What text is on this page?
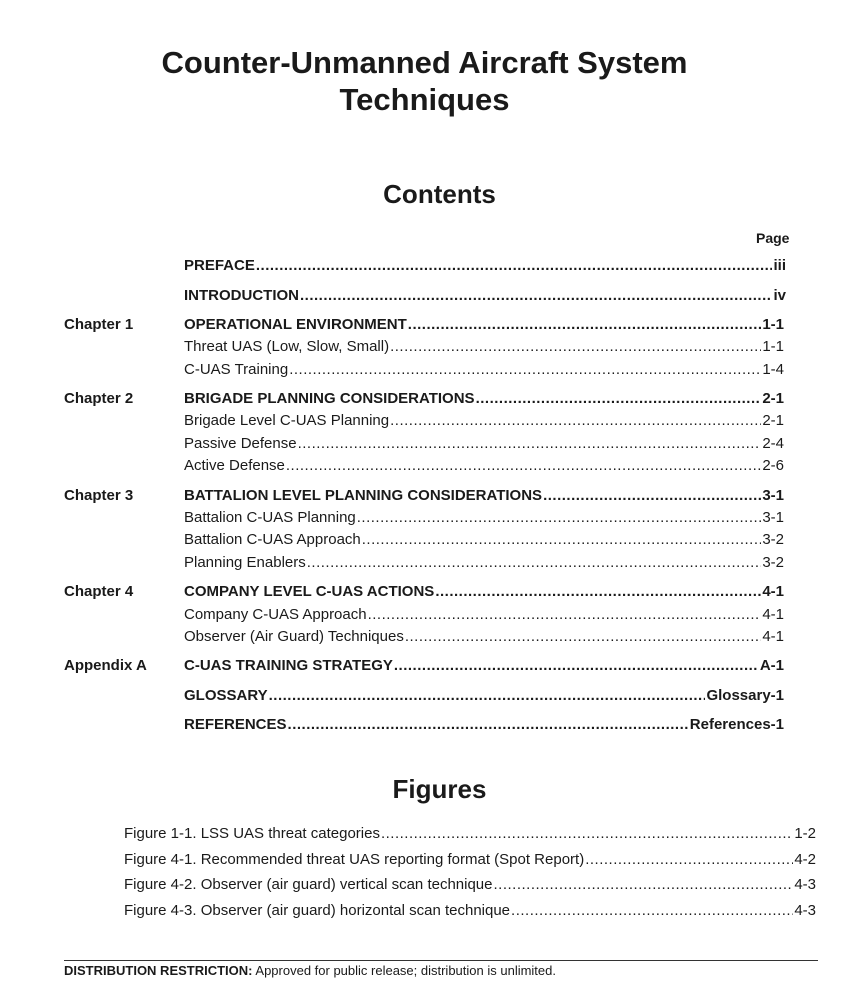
Counter-Unmanned Aircraft System
Techniques
Contents
Page
PREFACE .....	iii
INTRODUCTION .....	iv
Chapter 1	OPERATIONAL ENVIRONMENT .....	1-1
Threat UAS (Low, Slow, Small) .....	1-1
C-UAS Training .....	1-4
Chapter 2	BRIGADE PLANNING CONSIDERATIONS .....	2-1
Brigade Level C-UAS Planning .....	2-1
Passive Defense .....	2-4
Active Defense .....	2-6
Chapter 3	BATTALION LEVEL PLANNING CONSIDERATIONS .....	3-1
Battalion C-UAS Planning .....	3-1
Battalion C-UAS Approach .....	3-2
Planning Enablers .....	3-2
Chapter 4	COMPANY LEVEL C-UAS ACTIONS .....	4-1
Company C-UAS Approach .....	4-1
Observer (Air Guard) Techniques .....	4-1
Appendix A C-UAS TRAINING STRATEGY .....	A-1
GLOSSARY .....	Glossary-1
REFERENCES .....	References-1
Figures
Figure 1-1. LSS UAS threat categories .....	1-2
Figure 4-1. Recommended threat UAS reporting format (Spot Report) .....	4-2
Figure 4-2. Observer (air guard) vertical scan technique .....	4-3
Figure 4-3. Observer (air guard) horizontal scan technique .....	4-3
DISTRIBUTION RESTRICTION: Approved for public release; distribution is unlimited.
